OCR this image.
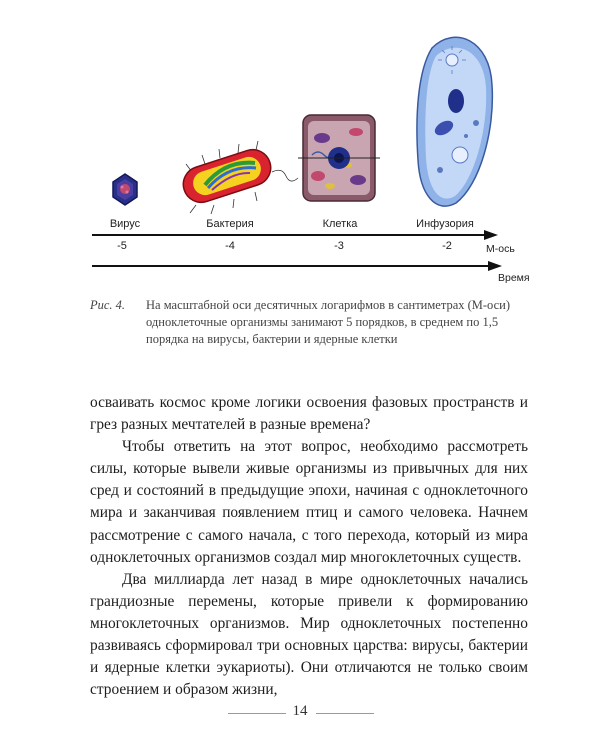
Вирус	Бактерия	Клетка	Инфузория
-5	-4	-3	-2	М-ось
Время
Рис. 4. На масштабной оси десятичных логарифмов в сантиметрах (М-оси) одноклеточные организмы занимают 5 порядков, в среднем по 1,5 порядка на вирусы, бактерии и ядерные клетки

осваивать космос кроме логики освоения фазовых пространств и грез разных мечтателей в разные времена?

Чтобы ответить на этот вопрос, необходимо рассмотреть силы, которые вывели живые организмы из привычных для них сред и состояний в предыдущие эпохи, начиная с одноклеточного мира и заканчивая появлением птиц и самого человека. Начнем рассмотрение с самого начала, с того перехода, который из мира одноклеточных организмов создал мир многоклеточных существ.

Два миллиарда лет назад в мире одноклеточных начались грандиозные перемены, которые привели к формированию многоклеточных организмов. Мир одноклеточных постепенно развиваясь сформировал три основных царства: вирусы, бактерии и ядерные клетки эукариоты). Они отличаются не только своим строением и образом жизни,

14
